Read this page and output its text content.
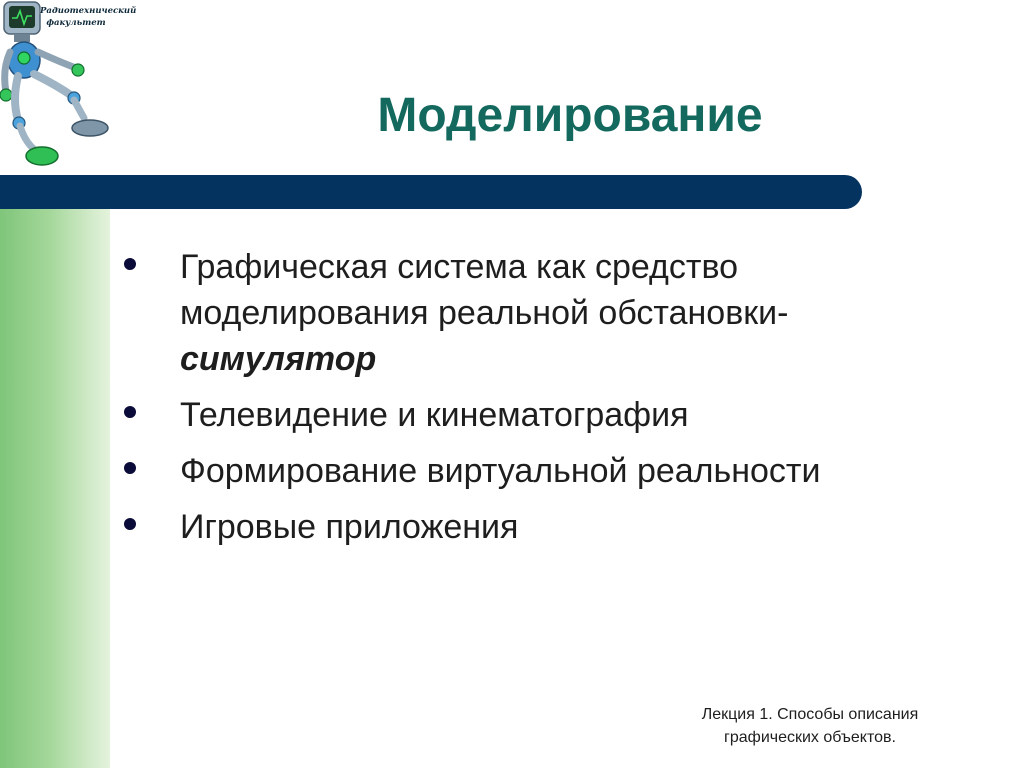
Радиотехнический факультет
Моделирование
Графическая система как средство моделирования реальной обстановки-
симулятор
Телевидение и кинематография
Формирование виртуальной реальности
Игровые приложения
Лекция 1. Способы описания
графических объектов.
